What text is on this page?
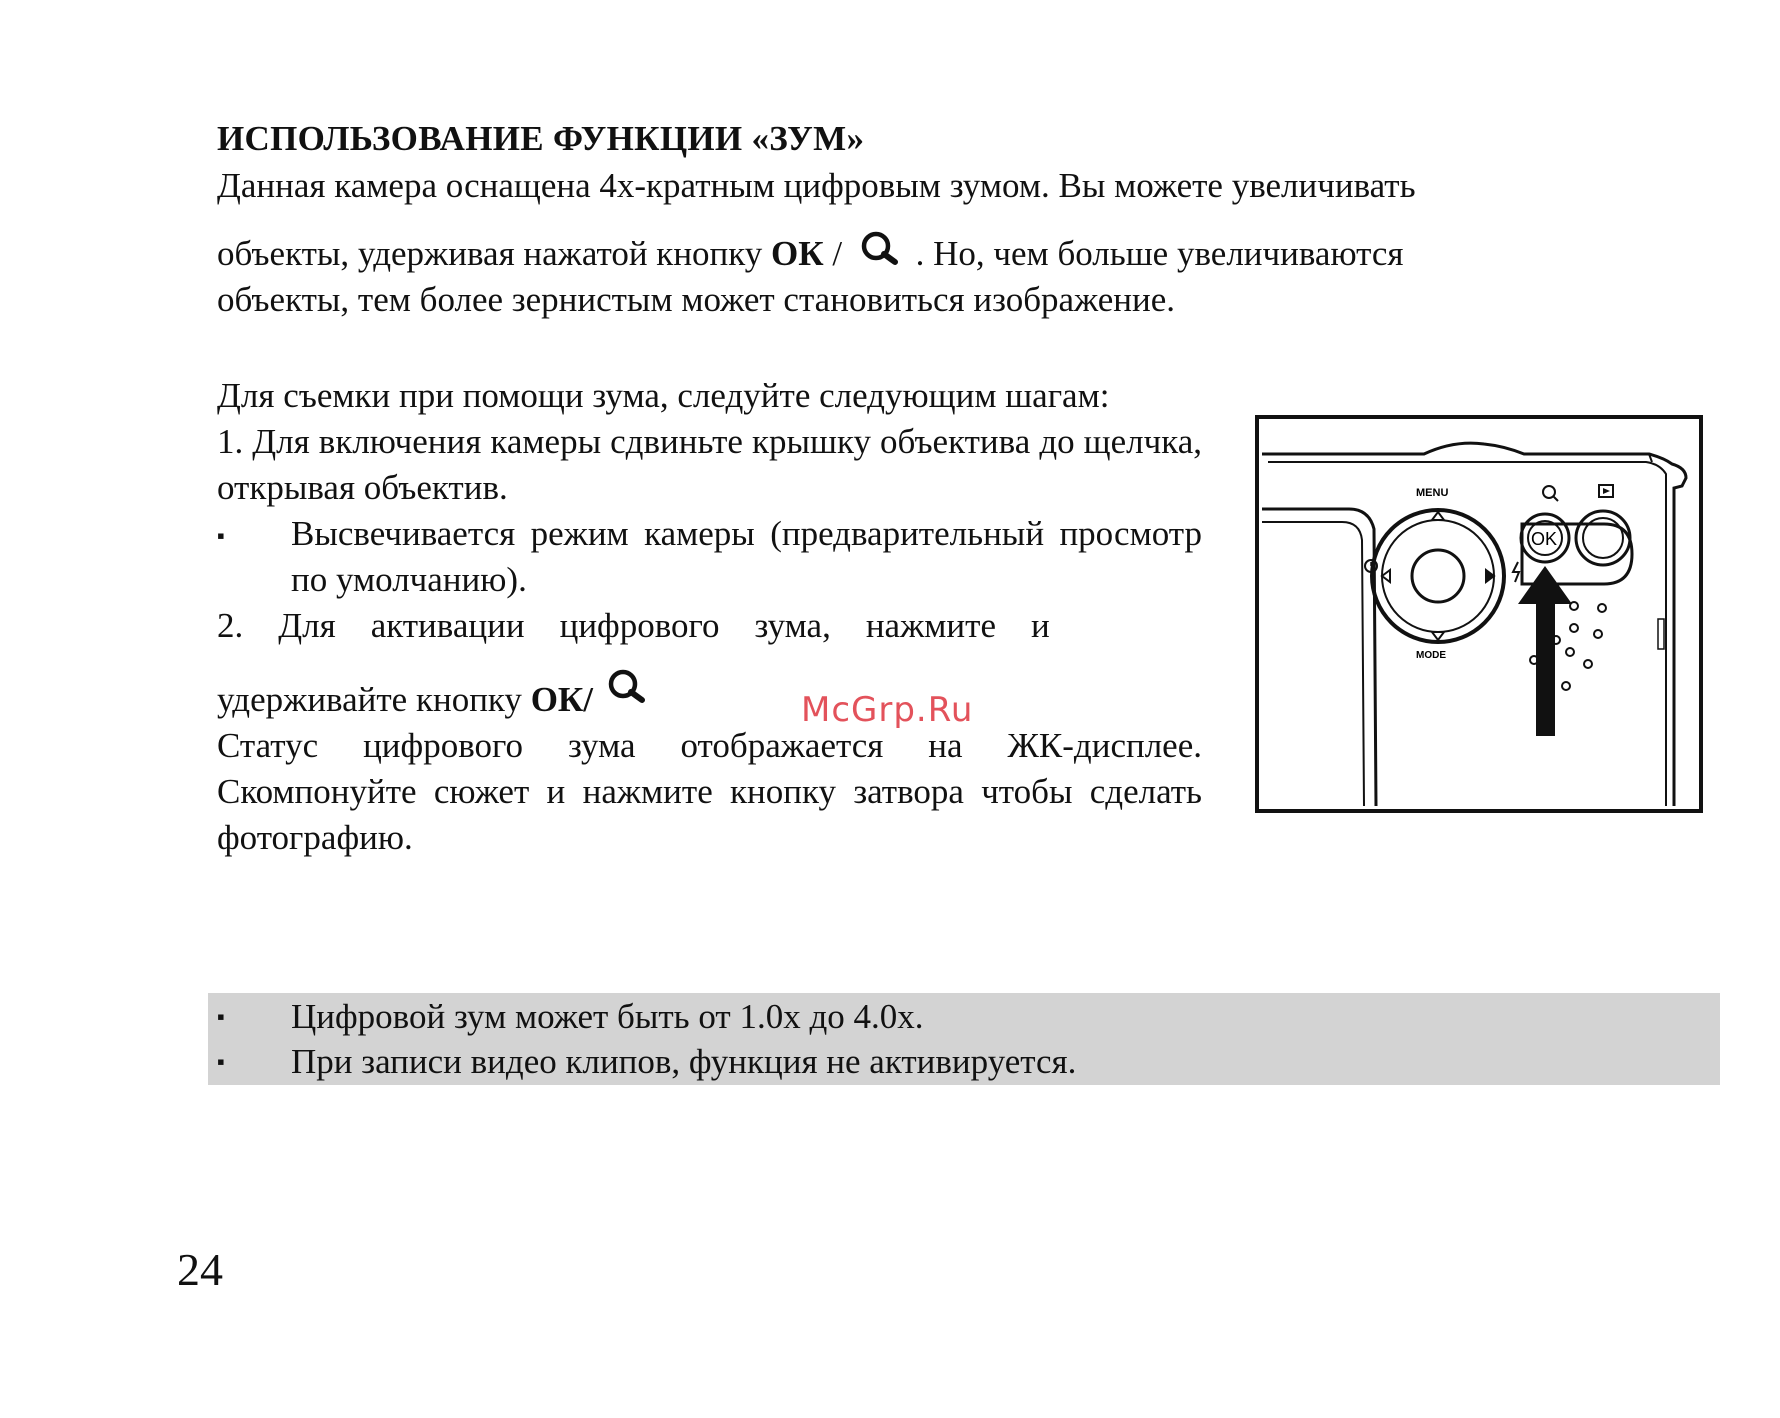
ИСПОЛЬЗОВАНИЕ ФУНКЦИИ «ЗУМ»
Данная камера оснащена 4х-кратным цифровым зумом. Вы можете увеличивать
объекты, удерживая нажатой кнопку ОК / . Но, чем больше увеличиваются
объекты, тем более зернистым может становиться изображение.
Для съемки при помощи зума, следуйте следующим шагам:
1. Для включения камеры сдвиньте крышку объектива до щелчка, открывая объектив.
▪	Высвечивается режим камеры (предварительный просмотр по умолчанию).
2.    Для    активации    цифрового    зума,    нажмите    и
удерживайте кнопку ОК/
Статус цифрового зума отображается на ЖК-дисплее. Скомпонуйте сюжет и нажмите кнопку затвора чтобы сделать фотографию.
MENU
MODE
OK
McGrp.Ru
▪ Цифровой зум может быть от 1.0x до 4.0x.
▪ При записи видео клипов, функция не активируется.
24
